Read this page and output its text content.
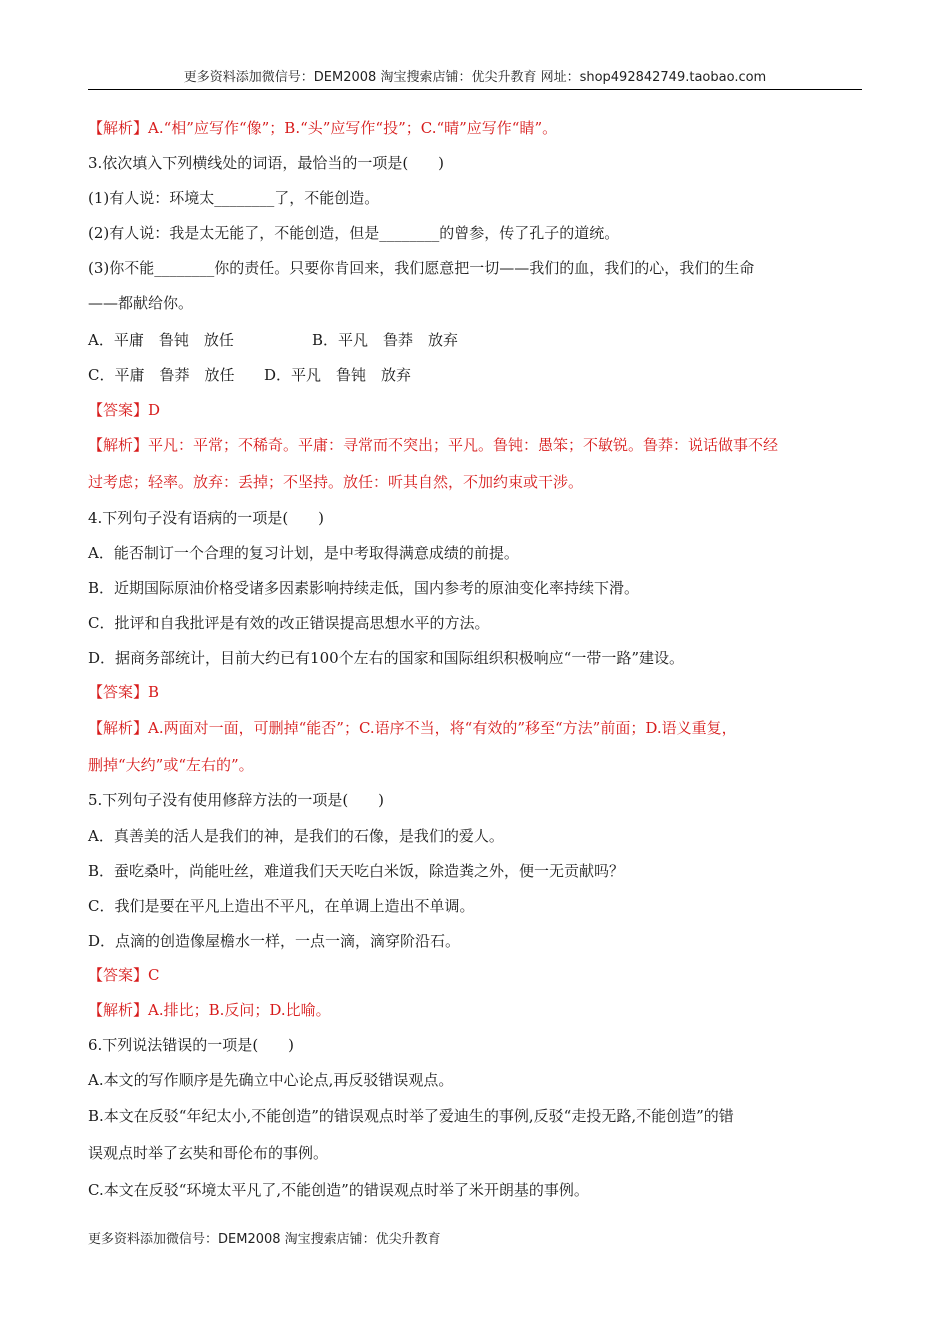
更多资料添加微信号：DEM2008 淘宝搜索店铺：优尖升教育 网址：shop492842749.taobao.com
【解析】A.“相”应写作“像”；B.“头”应写作“投”；C.“晴”应写作“睛”。
3.依次填入下列横线处的词语，最恰当的一项是(　　)
(1)有人说：环境太________了，不能创造。
(2)有人说：我是太无能了，不能创造，但是________的曾参，传了孔子的道统。
(3)你不能________你的责任。只要你肯回来，我们愿意把一切——我们的血，我们的心，我们的生命
——都献给你。
A．平庸　鲁钝　放任	B．平凡　鲁莽　放弃
C．平庸　鲁莽　放任 D．平凡　鲁钝　放弃
【答案】D
【解析】平凡：平常；不稀奇。平庸：寻常而不突出；平凡。鲁钝：愚笨；不敏锐。鲁莽：说话做事不经
过考虑；轻率。放弃：丢掉；不坚持。放任：听其自然，不加约束或干涉。
4.下列句子没有语病的一项是(　　)
A．能否制订一个合理的复习计划，是中考取得满意成绩的前提。
B．近期国际原油价格受诸多因素影响持续走低，国内参考的原油变化率持续下滑。
C．批评和自我批评是有效的改正错误提高思想水平的方法。
D．据商务部统计，目前大约已有100个左右的国家和国际组织积极响应“一带一路”建设。
【答案】B
【解析】A.两面对一面，可删掉“能否”；C.语序不当，将“有效的”移至“方法”前面；D.语义重复，
删掉“大约”或“左右的”。
5.下列句子没有使用修辞方法的一项是(　　)
A．真善美的活人是我们的神，是我们的石像，是我们的爱人。
B．蚕吃桑叶，尚能吐丝，难道我们天天吃白米饭，除造粪之外，便一无贡献吗？
C．我们是要在平凡上造出不平凡，在单调上造出不单调。
D．点滴的创造像屋檐水一样，一点一滴，滴穿阶沿石。
【答案】C
【解析】A.排比；B.反问；D.比喻。
6.下列说法错误的一项是(　　)
A.本文的写作顺序是先确立中心论点,再反驳错误观点。
B.本文在反驳“年纪太小,不能创造”的错误观点时举了爱迪生的事例,反驳“走投无路,不能创造”的错
误观点时举了玄奘和哥伦布的事例。
C.本文在反驳“环境太平凡了,不能创造”的错误观点时举了米开朗基的事例。
更多资料添加微信号：DEM2008 淘宝搜索店铺：优尖升教育
